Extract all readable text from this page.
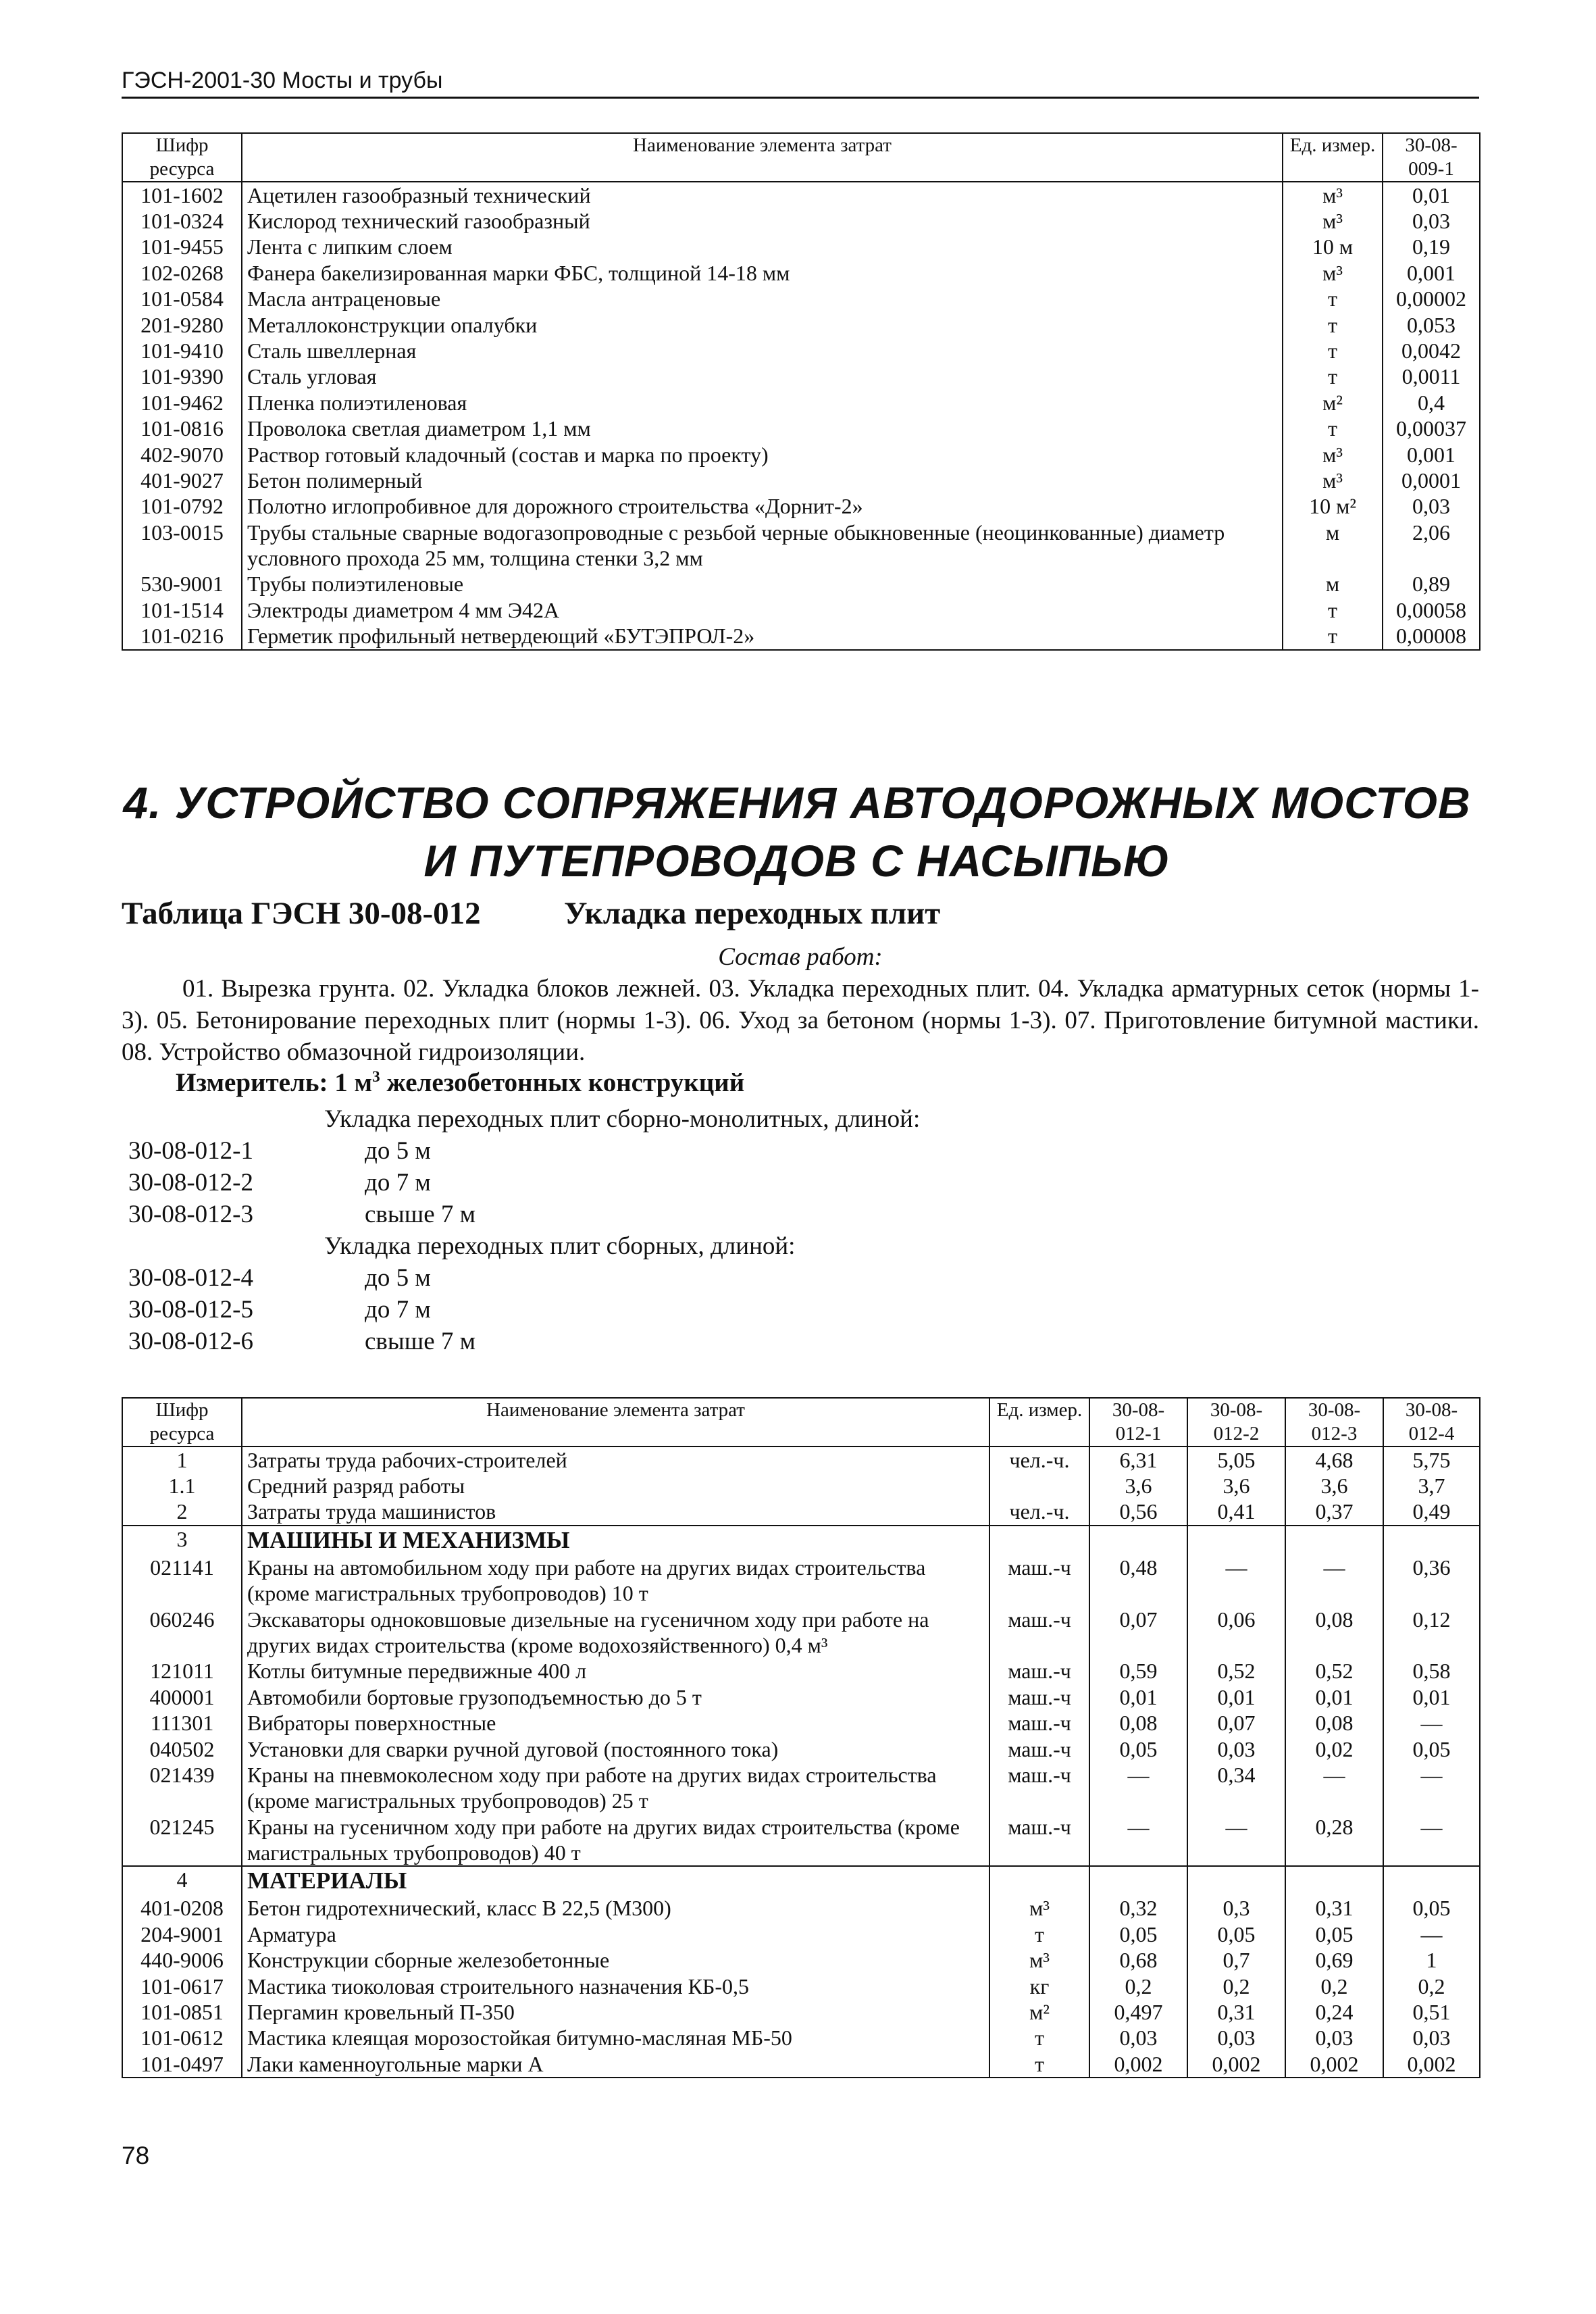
ГЭСН-2001-30 Мосты и трубы
Шифр ресурса	Наименование элемента затрат	Ед. измер.	30-08-009-1
101-1602	Ацетилен газообразный технический	м³	0,01
101-0324	Кислород технический газообразный	м³	0,03
101-9455	Лента с липким слоем	10 м	0,19
102-0268	Фанера бакелизированная марки ФБС, толщиной 14-18 мм	м³	0,001
101-0584	Масла антраценовые	т	0,00002
201-9280	Металлоконструкции опалубки	т	0,053
101-9410	Сталь швеллерная	т	0,0042
101-9390	Сталь угловая	т	0,0011
101-9462	Пленка полиэтиленовая	м²	0,4
101-0816	Проволока светлая диаметром 1,1 мм	т	0,00037
402-9070	Раствор готовый кладочный (состав и марка по проекту)	м³	0,001
401-9027	Бетон полимерный	м³	0,0001
101-0792	Полотно иглопробивное для дорожного строительства «Дорнит-2»	10 м²	0,03
103-0015	Трубы стальные сварные водогазопроводные с резьбой черные обыкновенные (неоцинкованные) диаметр условного прохода 25 мм, толщина стенки 3,2 мм	м	2,06
530-9001	Трубы полиэтиленовые	м	0,89
101-1514	Электроды диаметром 4 мм Э42А	т	0,00058
101-0216	Герметик профильный нетвердеющий «БУТЭПРОЛ-2»	т	0,00008
4. УСТРОЙСТВО СОПРЯЖЕНИЯ АВТОДОРОЖНЫХ МОСТОВ И ПУТЕПРОВОДОВ С НАСЫПЬЮ
Таблица ГЭСН 30-08-012	Укладка переходных плит
Состав работ:
01. Вырезка грунта. 02. Укладка блоков лежней. 03. Укладка переходных плит. 04. Укладка арматурных сеток (нормы 1-3). 05. Бетонирование переходных плит (нормы 1-3). 06. Уход за бетоном (нормы 1-3). 07. Приготовление битумной мастики. 08. Устройство обмазочной гидроизоляции.
Измеритель: 1 $м^3$ железобетонных конструкций
Укладка переходных плит сборно-монолитных, длиной:
30-08-012-1	до 5 м
30-08-012-2	до 7 м
30-08-012-3	свыше 7 м
Укладка переходных плит сборных, длиной:
30-08-012-4	до 5 м
30-08-012-5	до 7 м
30-08-012-6	свыше 7 м
Шифр ресурса	Наименование элемента затрат	Ед. измер.	30-08-012-1	30-08-012-2	30-08-012-3	30-08-012-4
1	Затраты труда рабочих-строителей	чел.-ч.	6,31	5,05	4,68	5,75
1.1	Средний разряд работы		3,6	3,6	3,6	3,7
2	Затраты труда машинистов	чел.-ч.	0,56	0,41	0,37	0,49
3	МАШИНЫ И МЕХАНИЗМЫ					
021141	Краны на автомобильном ходу при работе на других видах строительства (кроме магистральных трубопроводов) 10 т	маш.-ч	0,48	—	—	0,36
060246	Экскаваторы одноковшовые дизельные на гусеничном ходу при работе на других видах строительства (кроме водохозяйственного) 0,4 м³	маш.-ч	0,07	0,06	0,08	0,12
121011	Котлы битумные передвижные 400 л	маш.-ч	0,59	0,52	0,52	0,58
400001	Автомобили бортовые грузоподъемностью до 5 т	маш.-ч	0,01	0,01	0,01	0,01
111301	Вибраторы поверхностные	маш.-ч	0,08	0,07	0,08	—
040502	Установки для сварки ручной дуговой (постоянного тока)	маш.-ч	0,05	0,03	0,02	0,05
021439	Краны на пневмоколесном ходу при работе на других видах строительства (кроме магистральных трубопроводов) 25 т	маш.-ч	—	0,34	—	—
021245	Краны на гусеничном ходу при работе на других видах строительства (кроме магистральных трубопроводов) 40 т	маш.-ч	—	—	0,28	—
4	МАТЕРИАЛЫ					
401-0208	Бетон гидротехнический, класс В 22,5 (М300)	м³	0,32	0,3	0,31	0,05
204-9001	Арматура	т	0,05	0,05	0,05	—
440-9006	Конструкции сборные железобетонные	м³	0,68	0,7	0,69	1
101-0617	Мастика тиоколовая строительного назначения КБ-0,5	кг	0,2	0,2	0,2	0,2
101-0851	Пергамин кровельный П-350	м²	0,497	0,31	0,24	0,51
101-0612	Мастика клеящая морозостойкая битумно-масляная МБ-50	т	0,03	0,03	0,03	0,03
101-0497	Лаки каменноугольные марки А	т	0,002	0,002	0,002	0,002
78
